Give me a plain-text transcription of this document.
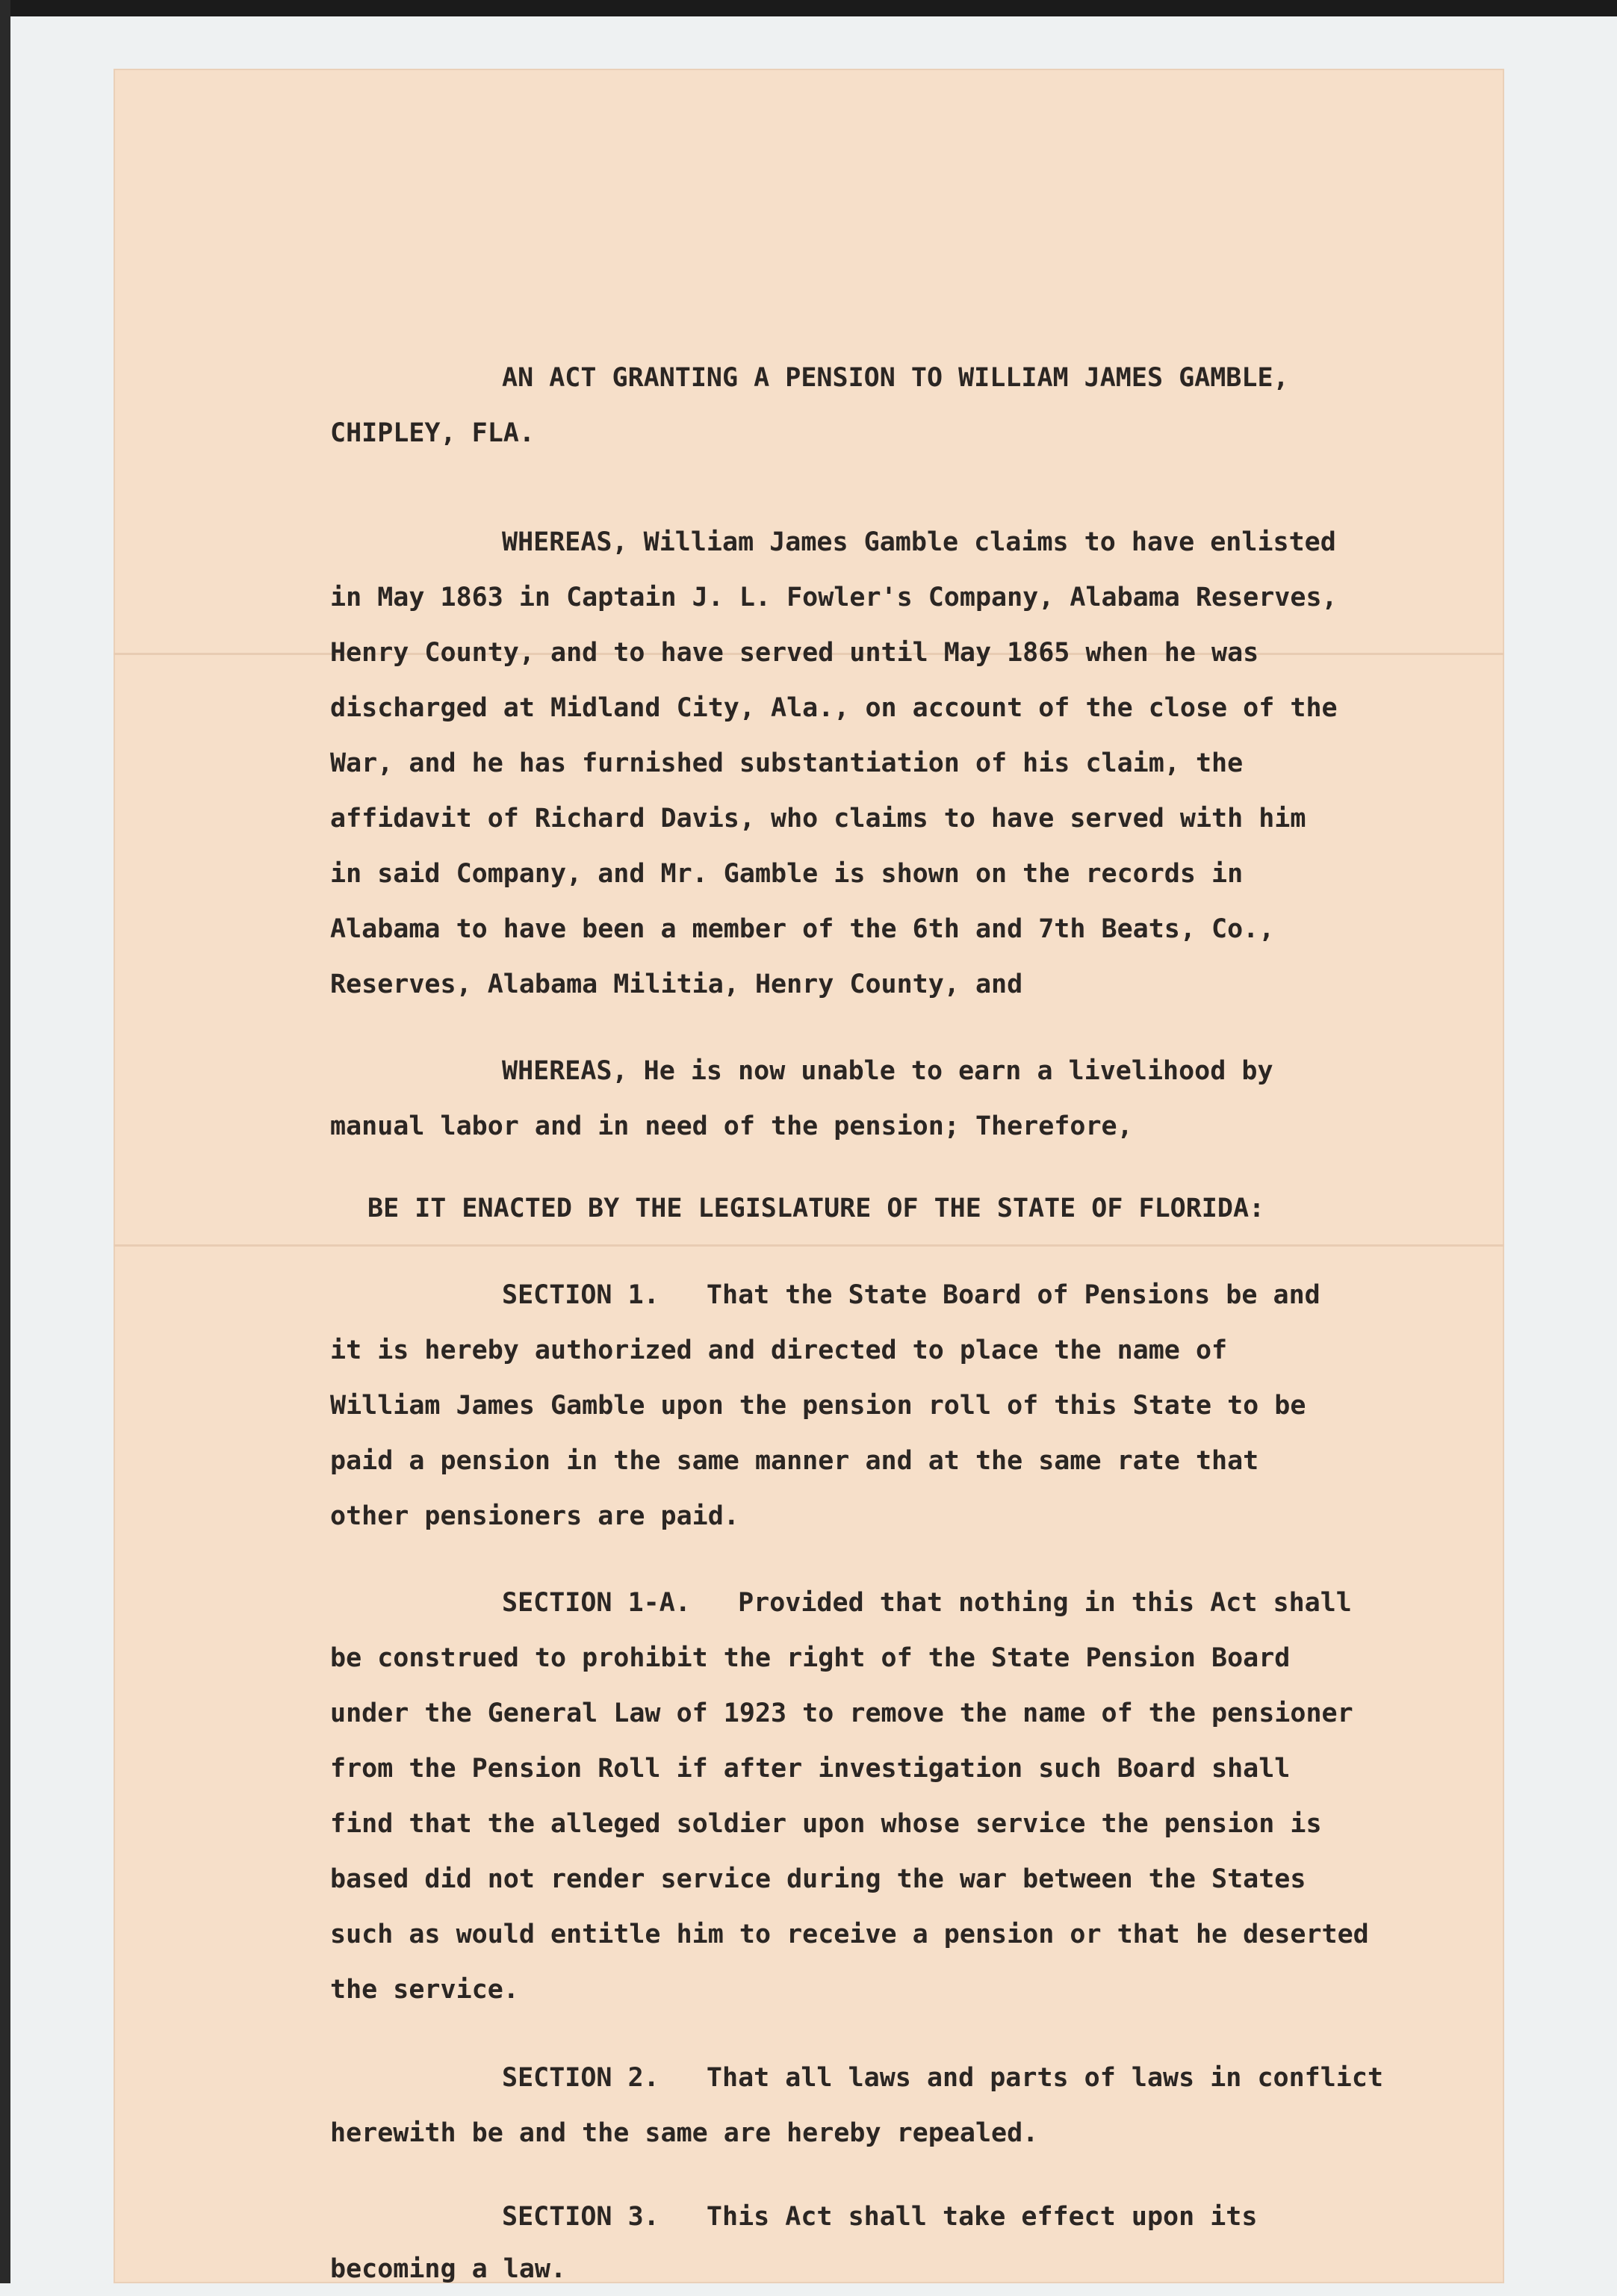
AN ACT GRANTING A PENSION TO WILLIAM JAMES GAMBLE,
CHIPLEY, FLA.
WHEREAS, William James Gamble claims to have enlisted
in May 1863 in Captain J. L. Fowler's Company, Alabama Reserves,
Henry County, and to have served until May 1865 when he was
discharged at Midland City, Ala., on account of the close of the
War, and he has furnished substantiation of his claim, the
affidavit of Richard Davis, who claims to have served with him
in said Company, and Mr. Gamble is shown on the records in
Alabama to have been a member of the 6th and 7th Beats, Co.,
Reserves, Alabama Militia, Henry County, and
WHEREAS, He is now unable to earn a livelihood by
manual labor and in need of the pension; Therefore,
BE IT ENACTED BY THE LEGISLATURE OF THE STATE OF FLORIDA:
SECTION 1.   That the State Board of Pensions be and
it is hereby authorized and directed to place the name of
William James Gamble upon the pension roll of this State to be
paid a pension in the same manner and at the same rate that
other pensioners are paid.
SECTION 1-A.   Provided that nothing in this Act shall
be construed to prohibit the right of the State Pension Board
under the General Law of 1923 to remove the name of the pensioner
from the Pension Roll if after investigation such Board shall
find that the alleged soldier upon whose service the pension is
based did not render service during the war between the States
such as would entitle him to receive a pension or that he deserted
the service.
SECTION 2.   That all laws and parts of laws in conflict
herewith be and the same are hereby repealed.
SECTION 3.   This Act shall take effect upon its
becoming a law.
